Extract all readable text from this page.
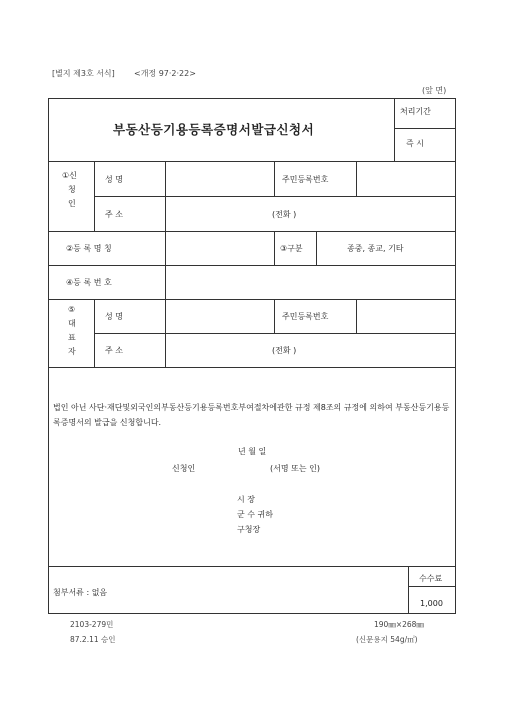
[별지 제3호 서식] <개정 97·2·22>
(앞 면)
부동산등기용등록증명서발급신청서
처리기간
즉 시
①신
청
인
성 명	주민등록번호
주 소	(전화 )
②등 록 명 칭	③구분	종중, 종교, 기타
④등 록 번 호
⑤
대
표
자
성 명	주민등록번호
주 소	(전화 )
법인 아닌 사단·재단및외국인의부동산등기용등록번호부여절차에관한 규정 제8조의 규정에 의하여 부동산등기용등록증명서의 발급을 신청합니다.
년 월 일
신청인	(서명 또는 인)
시 장
군 수 귀하
구청장
첨부서류 : 없음
수수료
1,000
2103-279민
87.2.11 승인
190㎜×268㎜
(신문용지 54g/㎡)
